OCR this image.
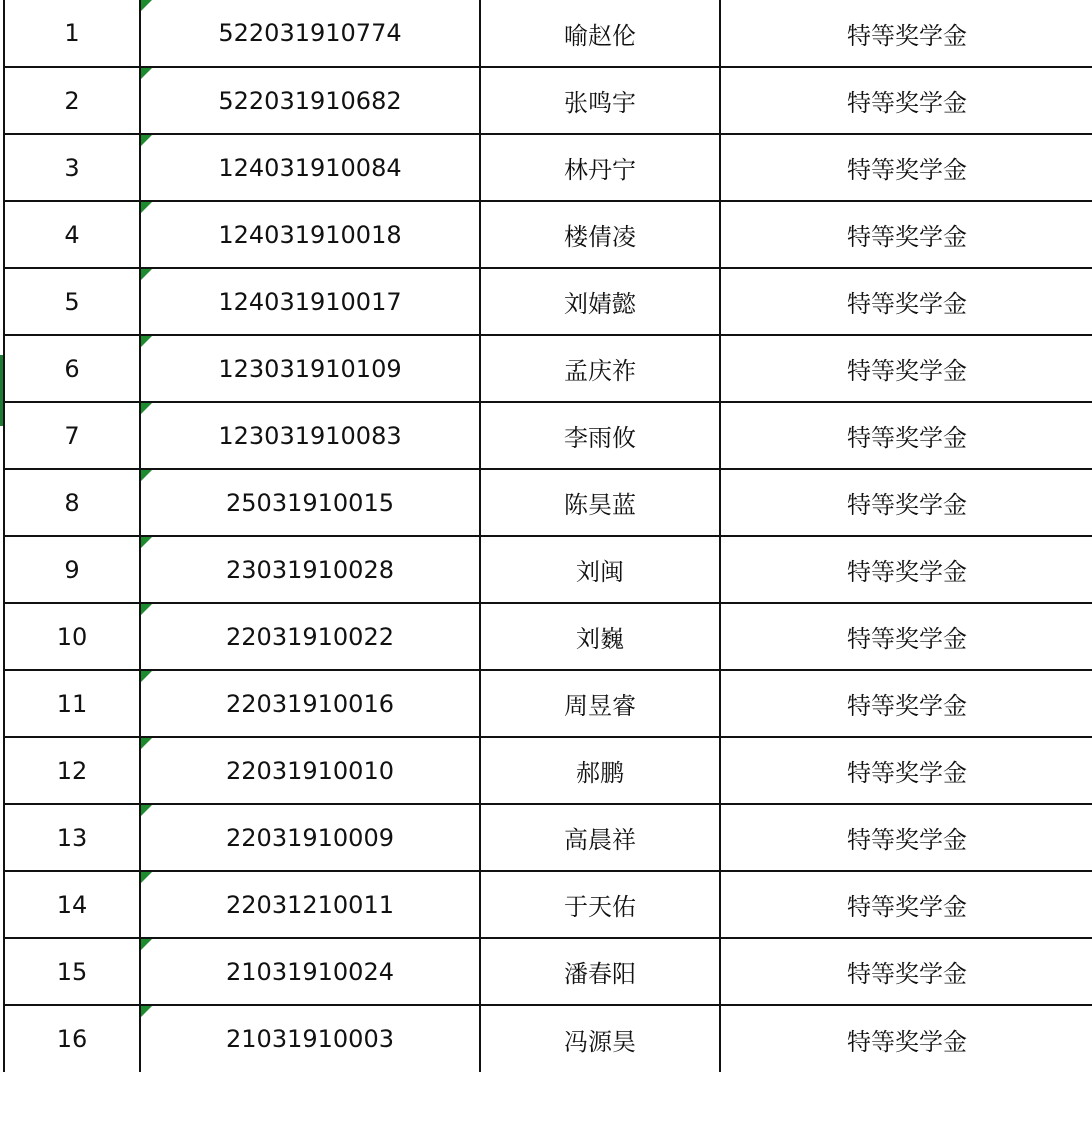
1	522031910774	喻赵伦	特等奖学金
2	522031910682	张鸣宇	特等奖学金
3	124031910084	林丹宁	特等奖学金
4	124031910018	楼倩凌	特等奖学金
5	124031910017	刘婧懿	特等奖学金
6	123031910109	孟庆祚	特等奖学金
7	123031910083	李雨攸	特等奖学金
8	25031910015	陈昊蓝	特等奖学金
9	23031910028	刘闽	特等奖学金
10	22031910022	刘巍	特等奖学金
11	22031910016	周昱睿	特等奖学金
12	22031910010	郝鹏	特等奖学金
13	22031910009	高晨祥	特等奖学金
14	22031210011	于天佑	特等奖学金
15	21031910024	潘春阳	特等奖学金
16	21031910003	冯源昊	特等奖学金
